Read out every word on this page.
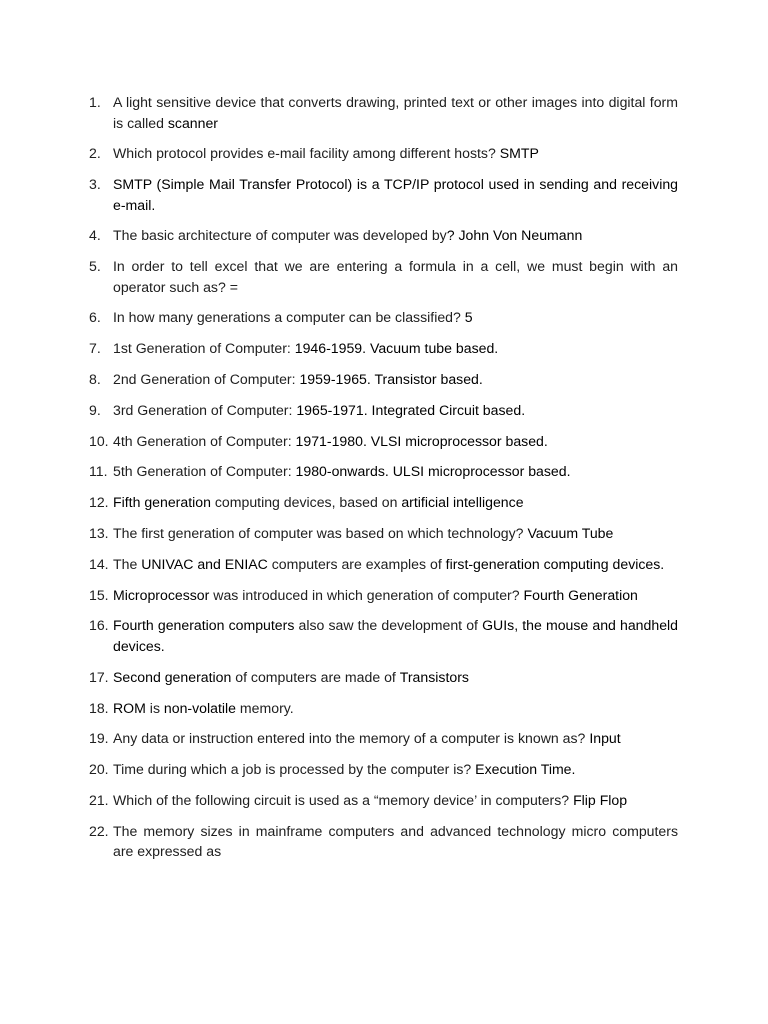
1. A light sensitive device that converts drawing, printed text or other images into digital form is called scanner
2. Which protocol provides e-mail facility among different hosts? SMTP
3. SMTP (Simple Mail Transfer Protocol) is a TCP/IP protocol used in sending and receiving e-mail.
4. The basic architecture of computer was developed by? John Von Neumann
5. In order to tell excel that we are entering a formula in a cell, we must begin with an operator such as? =
6. In how many generations a computer can be classified? 5
7. 1st Generation of Computer: 1946-1959. Vacuum tube based.
8. 2nd Generation of Computer: 1959-1965. Transistor based.
9. 3rd Generation of Computer: 1965-1971. Integrated Circuit based.
10. 4th Generation of Computer: 1971-1980. VLSI microprocessor based.
11. 5th Generation of Computer: 1980-onwards. ULSI microprocessor based.
12. Fifth generation computing devices, based on artificial intelligence
13. The first generation of computer was based on which technology? Vacuum Tube
14. The UNIVAC and ENIAC computers are examples of first-generation computing devices.
15. Microprocessor was introduced in which generation of computer? Fourth Generation
16. Fourth generation computers also saw the development of GUIs, the mouse and handheld devices.
17. Second generation of computers are made of Transistors
18. ROM is non-volatile memory.
19. Any data or instruction entered into the memory of a computer is known as? Input
20. Time during which a job is processed by the computer is? Execution Time.
21. Which of the following circuit is used as a “memory device’ in computers? Flip Flop
22. The memory sizes in mainframe computers and advanced technology micro computers are expressed as
